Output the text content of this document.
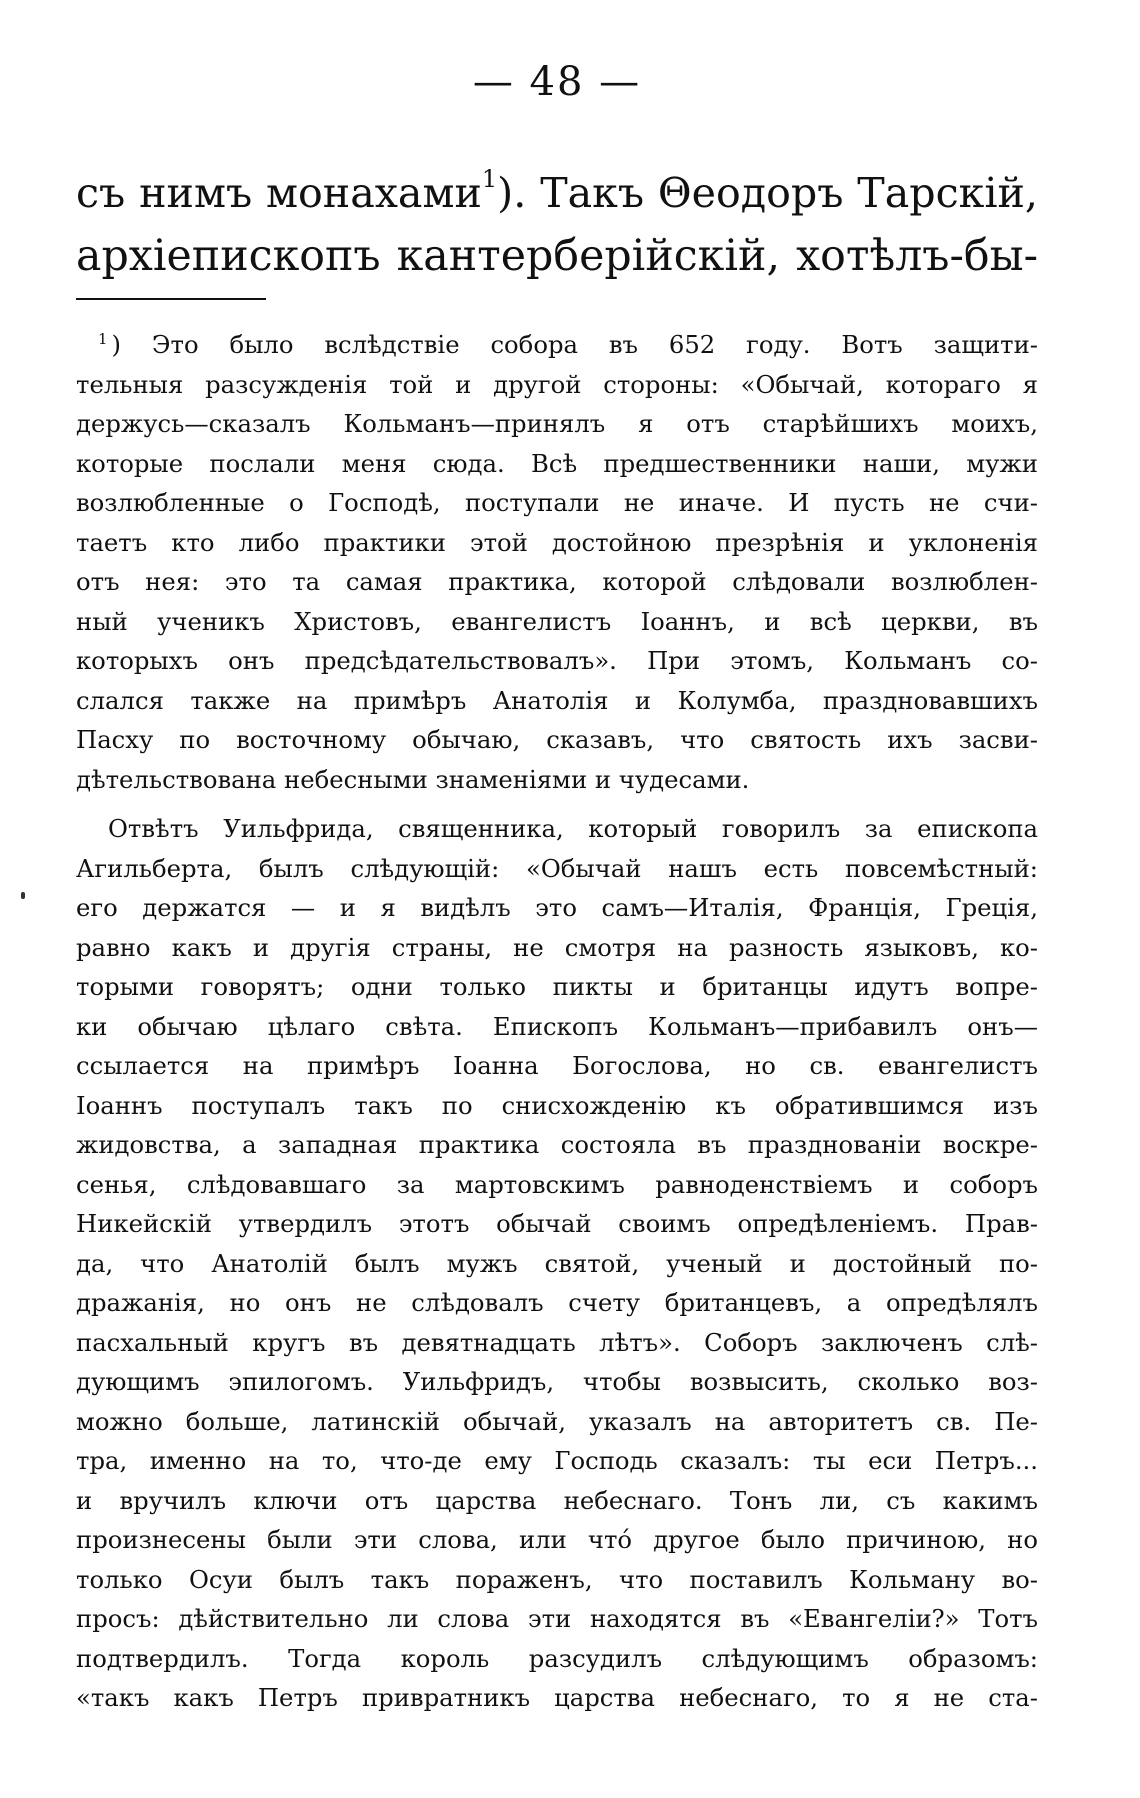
— 48 —
съ нимъ монахами$^1$). Такъ Θеодоръ Тарскiй,
архiепископъ кантерберiйскiй, хотѣлъ-бы-
$^1$ ) Это было вслѣдствiе собора въ 652 году. Вотъ защити-
тельныя разсужденiя той и другой стороны: «Обычай, котораго я
держусь—сказалъ Кольманъ—принялъ я отъ старѣйшихъ моихъ,
которые послали меня сюда. Всѣ предшественники наши, мужи
возлюбленные о Господѣ, поступали не иначе. И пусть не счи-
таетъ кто либо практики этой достойною презрѣнiя и уклоненiя
отъ нея: это та самая практика, которой слѣдовали возлюблен-
ный ученикъ Христовъ, евангелистъ Iоаннъ, и всѣ церкви, въ
которыхъ онъ предсѣдательствовалъ». При этомъ, Кольманъ со-
слался также на примѣръ Анатолiя и Колумба, праздновавшихъ
Пасху по восточному обычаю, сказавъ, что святость ихъ засви-
дѣтельствована небесными знаменiями и чудесами.
Отвѣтъ Уильфрида, священника, который говорилъ за епископа
Агильберта, былъ слѣдующiй: «Обычай нашъ есть повсемѣстный:
его держатся — и я видѣлъ это самъ—Италiя, Францiя, Грецiя,
равно какъ и другiя страны, не смотря на разность языковъ, ко-
торыми говорятъ; одни только пикты и британцы идутъ вопре-
ки обычаю цѣлаго свѣта. Епископъ Кольманъ—прибавилъ онъ—
ссылается на примѣръ Iоанна Богослова, но св. евангелистъ
Iоаннъ поступалъ такъ по снисхожденiю къ обратившимся изъ
жидовства, а западная практика состояла въ празднованiи воскре-
сенья, слѣдовавшаго за мартовскимъ равноденствiемъ и соборъ
Никейскiй утвердилъ этотъ обычай своимъ опредѣленiемъ. Прав-
да, что Анатолiй былъ мужъ святой, ученый и достойный по-
дражанiя, но онъ не слѣдовалъ счету британцевъ, а опредѣлялъ
пасхальный кругъ въ девятнадцать лѣтъ». Соборъ заключенъ слѣ-
дующимъ эпилогомъ. Уильфридъ, чтобы возвысить, сколько воз-
можно больше, латинскiй обычай, указалъ на авторитетъ св. Пе-
тра, именно на то, что-де ему Господь сказалъ: ты еси Петръ...
и вручилъ ключи отъ царства небеснаго. Тонъ ли, съ какимъ
произнесены были эти слова, или чтó другое было причиною, но
только Осуи былъ такъ пораженъ, что поставилъ Кольману во-
просъ: дѣйствительно ли слова эти находятся въ «Евангелiи?» Тотъ
подтвердилъ. Тогда король разсудилъ слѣдующимъ образомъ:
«такъ какъ Петръ привратникъ царства небеснаго, то я не ста-
